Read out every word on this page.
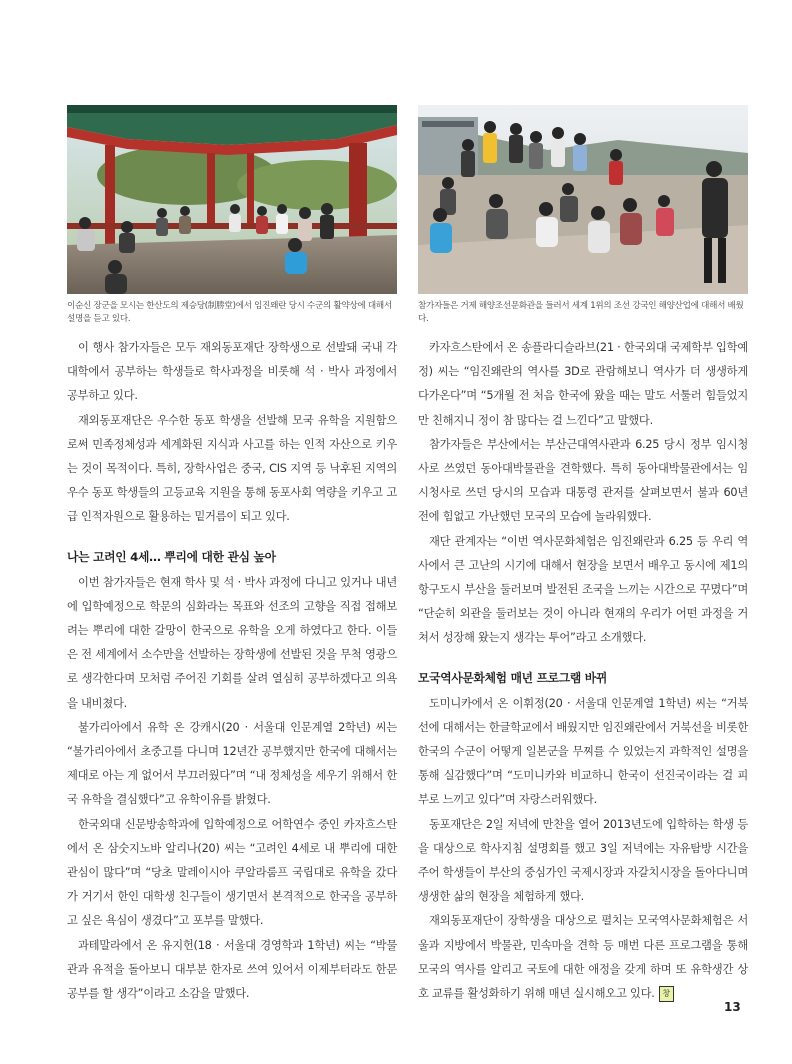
이순신 장군을 모시는 한산도의 제승당(制勝堂)에서 임진왜란 당시 수군의 활약상에 대해서 설명을 듣고 있다.

이 행사 참가자들은 모두 재외동포재단 장학생으로 선발돼 국내 각 대학에서 공부하는 학생들로 학사과정을 비롯해 석 · 박사 과정에서 공부하고 있다.

재외동포재단은 우수한 동포 학생을 선발해 모국 유학을 지원함으로써 민족정체성과 세계화된 지식과 사고를 하는 인적 자산으로 키우는 것이 목적이다. 특히, 장학사업은 중국, CIS 지역 등 낙후된 지역의 우수 동포 학생들의 고등교육 지원을 통해 동포사회 역량을 키우고 고급 인적자원으로 활용하는 밑거름이 되고 있다.

나는 고려인 4세… 뿌리에 대한 관심 높아

이번 참가자들은 현재 학사 및 석 · 박사 과정에 다니고 있거나 내년에 입학예정으로 학문의 심화라는 목표와 선조의 고향을 직접 접해보려는 뿌리에 대한 갈망이 한국으로 유학을 오게 하였다고 한다. 이들은 전 세계에서 소수만을 선발하는 장학생에 선발된 것을 무척 영광으로 생각한다며 모처럼 주어진 기회를 살려 열심히 공부하겠다고 의욕을 내비쳤다.

불가리아에서 유학 온 강캐시(20 · 서울대 인문계열 2학년) 씨는 “불가리아에서 초중고를 다니며 12년간 공부했지만 한국에 대해서는 제대로 아는 게 없어서 부끄러웠다”며 “내 정체성을 세우기 위해서 한국 유학을 결심했다”고 유학이유를 밝혔다.

한국외대 신문방송학과에 입학예정으로 어학연수 중인 카자흐스탄에서 온 삼숫지노바 알리나(20) 씨는 “고려인 4세로 내 뿌리에 대한 관심이 많다”며 “당초 말레이시아 쿠알라룸프 국립대로 유학을 갔다가 거기서 한인 대학생 친구들이 생기면서 본격적으로 한국을 공부하고 싶은 욕심이 생겼다”고 포부를 말했다.

과테말라에서 온 유지헌(18 · 서울대 경영학과 1학년) 씨는 “박물관과 유적을 돌아보니 대부분 한자로 쓰여 있어서 이제부터라도 한문 공부를 할 생각”이라고 소감을 말했다.

참가자들은 거제 해양조선문화관을 들러서 세계 1위의 조선 강국인 해양산업에 대해서 배웠다.

카자흐스탄에서 온 송플라디슬라브(21 · 한국외대 국제학부 입학예정) 씨는 “임진왜란의 역사를 3D로 관람해보니 역사가 더 생생하게 다가온다”며 “5개월 전 처음 한국에 왔을 때는 말도 서툴러 힘들었지만 친해지니 정이 참 많다는 걸 느낀다”고 말했다.

참가자들은 부산에서는 부산근대역사관과 6.25 당시 정부 임시청사로 쓰였던 동아대박물관을 견학했다. 특히 동아대박물관에서는 임시청사로 쓰던 당시의 모습과 대통령 관저를 살펴보면서 불과 60년 전에 힘없고 가난했던 모국의 모습에 놀라워했다.

재단 관계자는 “이번 역사문화체험은 임진왜란과 6.25 등 우리 역사에서 큰 고난의 시기에 대해서 현장을 보면서 배우고 동시에 제1의 항구도시 부산을 둘러보며 발전된 조국을 느끼는 시간으로 꾸몄다”며 “단순히 외관을 둘러보는 것이 아니라 현재의 우리가 어떤 과정을 거쳐서 성장해 왔는지 생각는 투어”라고 소개했다.

모국역사문화체험 매년 프로그램 바뀌

도미니카에서 온 이휘정(20 · 서울대 인문계열 1학년) 씨는 “거북선에 대해서는 한글학교에서 배웠지만 임진왜란에서 거북선을 비롯한 한국의 수군이 어떻게 일본군을 무찌를 수 있었는지 과학적인 설명을 통해 실감했다”며 “도미니카와 비교하니 한국이 선진국이라는 걸 피부로 느끼고 있다”며 자랑스러워했다.

동포재단은 2일 저녁에 만찬을 열어 2013년도에 입학하는 학생 등을 대상으로 학사지침 설명회를 했고 3일 저녁에는 자유탐방 시간을 주어 학생들이 부산의 중심가인 국제시장과 자갈치시장을 돌아다니며 생생한 삶의 현장을 체험하게 했다.

재외동포재단이 장학생을 대상으로 펼치는 모국역사문화체험은 서울과 지방에서 박물관, 민속마을 견학 등 매번 다른 프로그램을 통해 모국의 역사를 알리고 국토에 대한 애정을 갖게 하며 또 유학생간 상호 교류를 활성화하기 위해 매년 실시해오고 있다. 창

13
